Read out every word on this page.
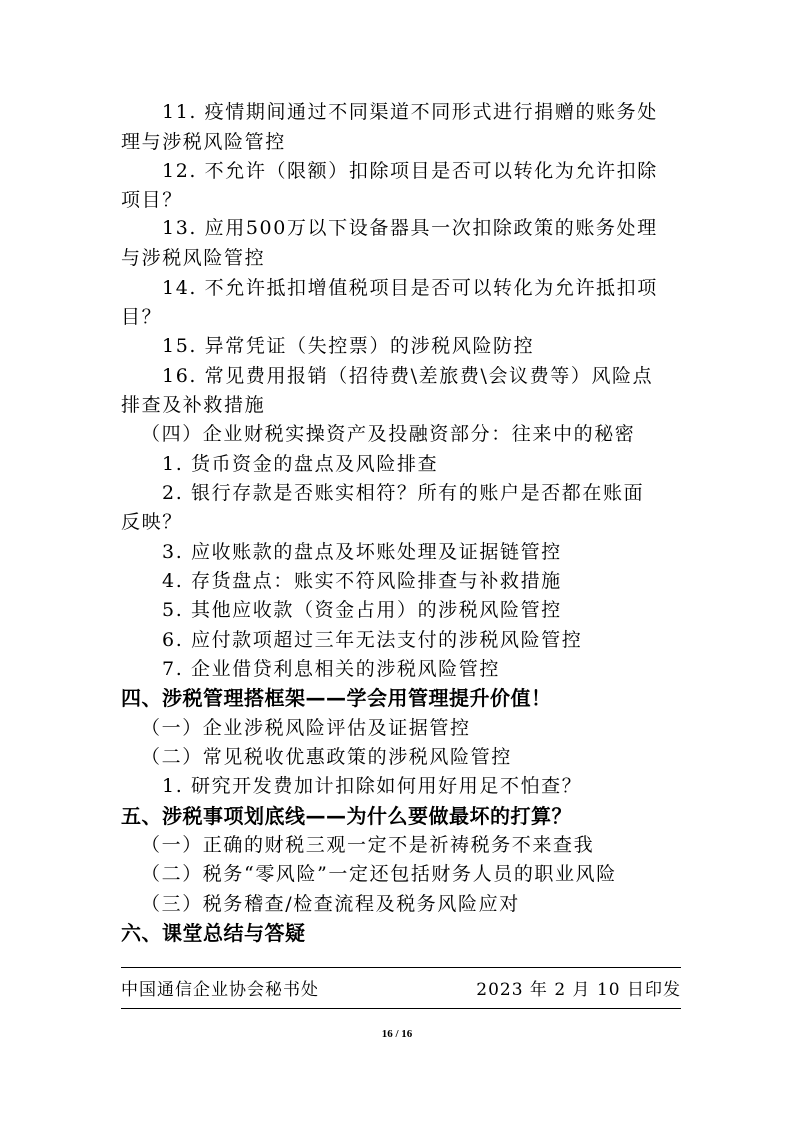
11. 疫情期间通过不同渠道不同形式进行捐赠的账务处
理与涉税风险管控
12. 不允许（限额）扣除项目是否可以转化为允许扣除
项目？
13. 应用500万以下设备器具一次扣除政策的账务处理
与涉税风险管控
14. 不允许抵扣增值税项目是否可以转化为允许抵扣项
目？
15. 异常凭证（失控票）的涉税风险防控
16. 常见费用报销（招待费\差旅费\会议费等）风险点
排查及补救措施
（四）企业财税实操资产及投融资部分：往来中的秘密
1. 货币资金的盘点及风险排查
2. 银行存款是否账实相符？所有的账户是否都在账面
反映？
3. 应收账款的盘点及坏账处理及证据链管控
4. 存货盘点：账实不符风险排查与补救措施
5. 其他应收款（资金占用）的涉税风险管控
6. 应付款项超过三年无法支付的涉税风险管控
7. 企业借贷利息相关的涉税风险管控
四、涉税管理搭框架——学会用管理提升价值！
（一）企业涉税风险评估及证据管控
（二）常见税收优惠政策的涉税风险管控
1. 研究开发费加计扣除如何用好用足不怕查？
五、涉税事项划底线——为什么要做最坏的打算？
（一）正确的财税三观一定不是祈祷税务不来查我
（二）税务“零风险”一定还包括财务人员的职业风险
（三）税务稽查/检查流程及税务风险应对
六、课堂总结与答疑
中国通信企业协会秘书处	2023 年 2 月 10 日印发
16 / 16
